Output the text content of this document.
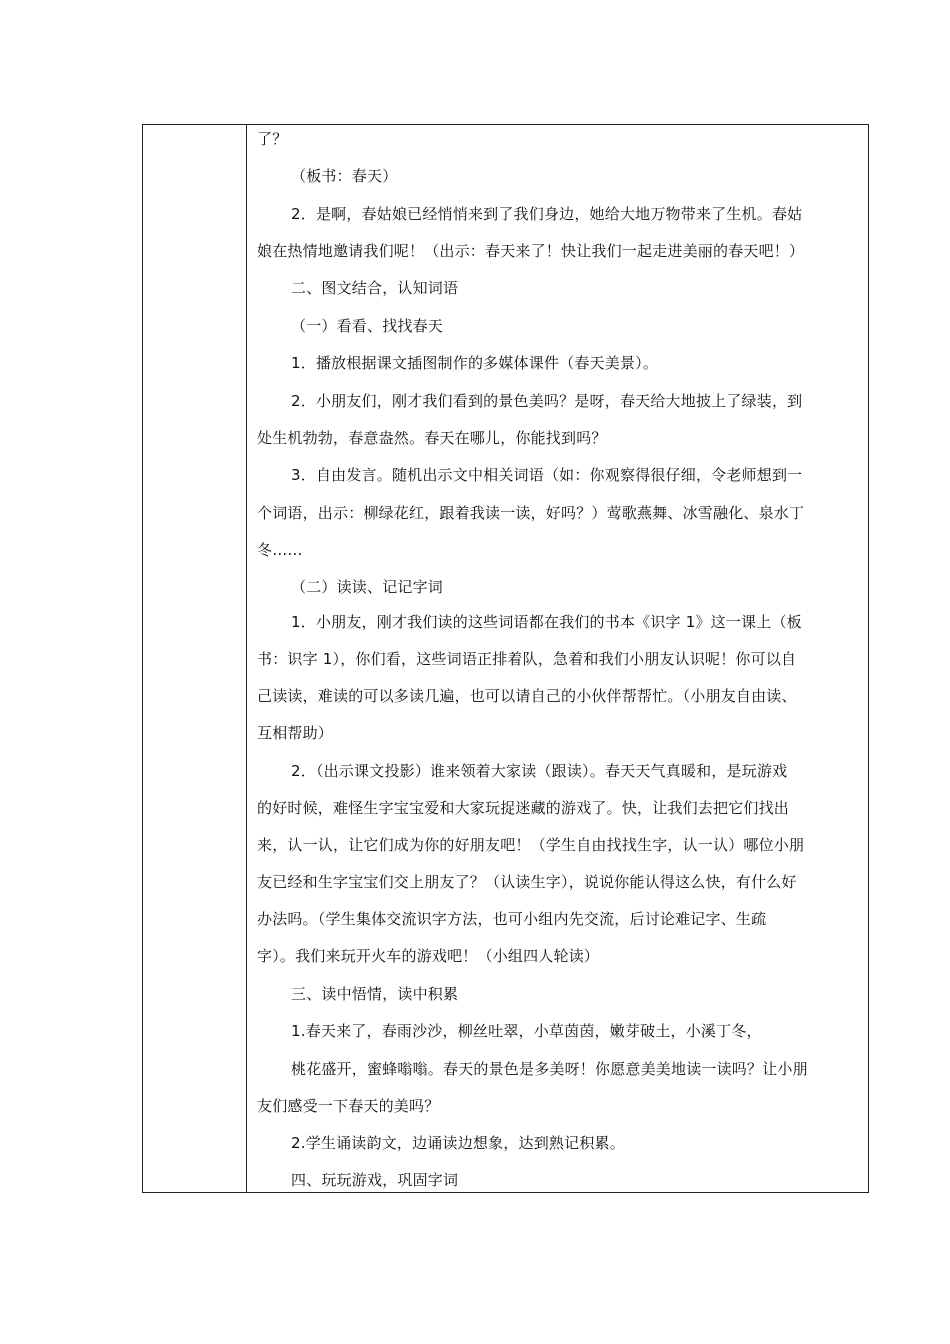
了？
（板书：春天）
2．是啊，春姑娘已经悄悄来到了我们身边，她给大地万物带来了生机。春姑
娘在热情地邀请我们呢！（出示：春天来了！快让我们一起走进美丽的春天吧！）
二、图文结合，认知词语
（一）看看、找找春天
1．播放根据课文插图制作的多媒体课件（春天美景）。
2．小朋友们，刚才我们看到的景色美吗？是呀，春天给大地披上了绿装，到
处生机勃勃，春意盎然。春天在哪儿，你能找到吗？
3．自由发言。随机出示文中相关词语（如：你观察得很仔细，令老师想到一
个词语，出示：柳绿花红，跟着我读一读，好吗？）莺歌燕舞、冰雪融化、泉水丁
冬……
（二）读读、记记字词
1．小朋友，刚才我们读的这些词语都在我们的书本《识字 1》这一课上（板
书：识字 1），你们看，这些词语正排着队，急着和我们小朋友认识呢！你可以自
己读读，难读的可以多读几遍，也可以请自己的小伙伴帮帮忙。（小朋友自由读、
互相帮助）
2．（出示课文投影）谁来领着大家读（跟读）。春天天气真暖和，是玩游戏
的好时候，难怪生字宝宝爱和大家玩捉迷藏的游戏了。快，让我们去把它们找出
来，认一认，让它们成为你的好朋友吧！（学生自由找找生字，认一认）哪位小朋
友已经和生字宝宝们交上朋友了？（认读生字），说说你能认得这么快，有什么好
办法吗。（学生集体交流识字方法，也可小组内先交流，后讨论难记字、生疏
字）。我们来玩开火车的游戏吧！（小组四人轮读）
三、读中悟情，读中积累
1.春天来了，春雨沙沙，柳丝吐翠，小草茵茵，嫩芽破土，小溪丁冬，
桃花盛开，蜜蜂嗡嗡。春天的景色是多美呀！你愿意美美地读一读吗？让小朋
友们感受一下春天的美吗？
2.学生诵读韵文，边诵读边想象，达到熟记积累。
四、玩玩游戏，巩固字词
